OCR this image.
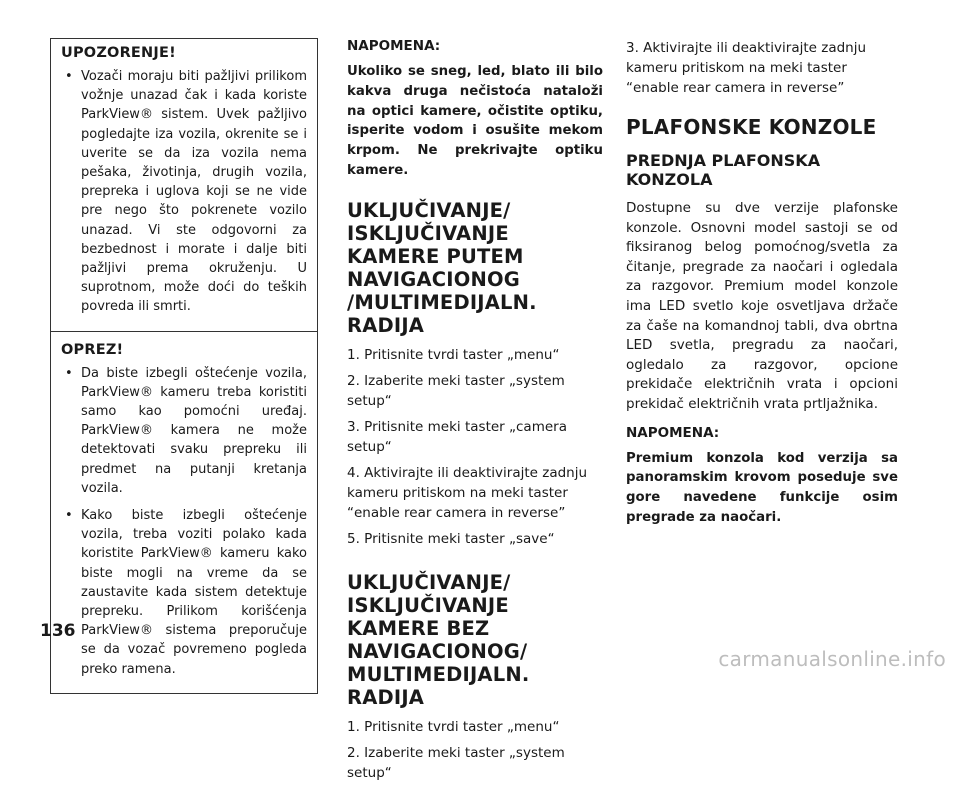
UPOZORENJE!
• Vozači moraju biti pažljivi prilikom vožnje unazad čak i kada koriste ParkView® sistem. Uvek pažljivo pogledajte iza vozila, okrenite se i uverite se da iza vozila nema pešaka, životinja, drugih vozila, prepreka i uglova koji se ne vide pre nego što pokrenete vozilo unazad. Vi ste odgovorni za bezbednost i morate i dalje biti pažljivi prema okruženju. U suprotnom, može doći do teških povreda ili smrti.
OPREZ!
• Da biste izbegli oštećenje vozila, ParkView® kameru treba koristiti samo kao pomoćni uređaj. ParkView® kamera ne može detektovati svaku prepreku ili predmet na putanji kretanja vozila.
• Kako biste izbegli oštećenje vozila, treba voziti polako kada koristite ParkView® kameru kako biste mogli na vreme da se zaustavite kada sistem detektuje prepreku. Prilikom korišćenja ParkView® sistema preporučuje se da vozač povremeno pogleda preko ramena.
NAPOMENA:
Ukoliko se sneg, led, blato ili bilo kakva druga nečistoća nataloži na optici kamere, očistite optiku, isperite vodom i osušite mekom krpom. Ne prekrivajte optiku kamere.
UKLJUČIVANJE/ ISKLJUČIVANJE KAMERE PUTEM NAVIGACIONOG /MULTIMEDIJALN. RADIJA
1. Pritisnite tvrdi taster „menu“
2. Izaberite meki taster „system setup“
3. Pritisnite meki taster „camera setup“
4. Aktivirajte ili deaktivirajte zadnju kameru pritiskom na meki taster “enable rear camera in reverse”
5. Pritisnite meki taster „save“
UKLJUČIVANJE/ ISKLJUČIVANJE KAMERE BEZ NAVIGACIONOG/ MULTIMEDIJALN. RADIJA
1. Pritisnite tvrdi taster „menu“
2. Izaberite meki taster „system setup“
3. Aktivirajte ili deaktivirajte zadnju kameru pritiskom na meki taster “enable rear camera in reverse”
PLAFONSKE KONZOLE
PREDNJA PLAFONSKA KONZOLA
Dostupne su dve verzije plafonske konzole. Osnovni model sastoji se od fiksiranog belog pomoćnog/svetla za čitanje, pregrade za naočari i ogledala za razgovor. Premium model konzole ima LED svetlo koje osvetljava držače za čaše na komandnoj tabli, dva obrtna LED svetla, pregradu za naočari, ogledalo za razgovor, opcione prekidače električnih vrata i opcioni prekidač električnih vrata prtljažnika.
NAPOMENA:
Premium konzola kod verzija sa panoramskim krovom poseduje sve gore navedene funkcije osim pregrade za naočari.
136
carmanualsonline.info
